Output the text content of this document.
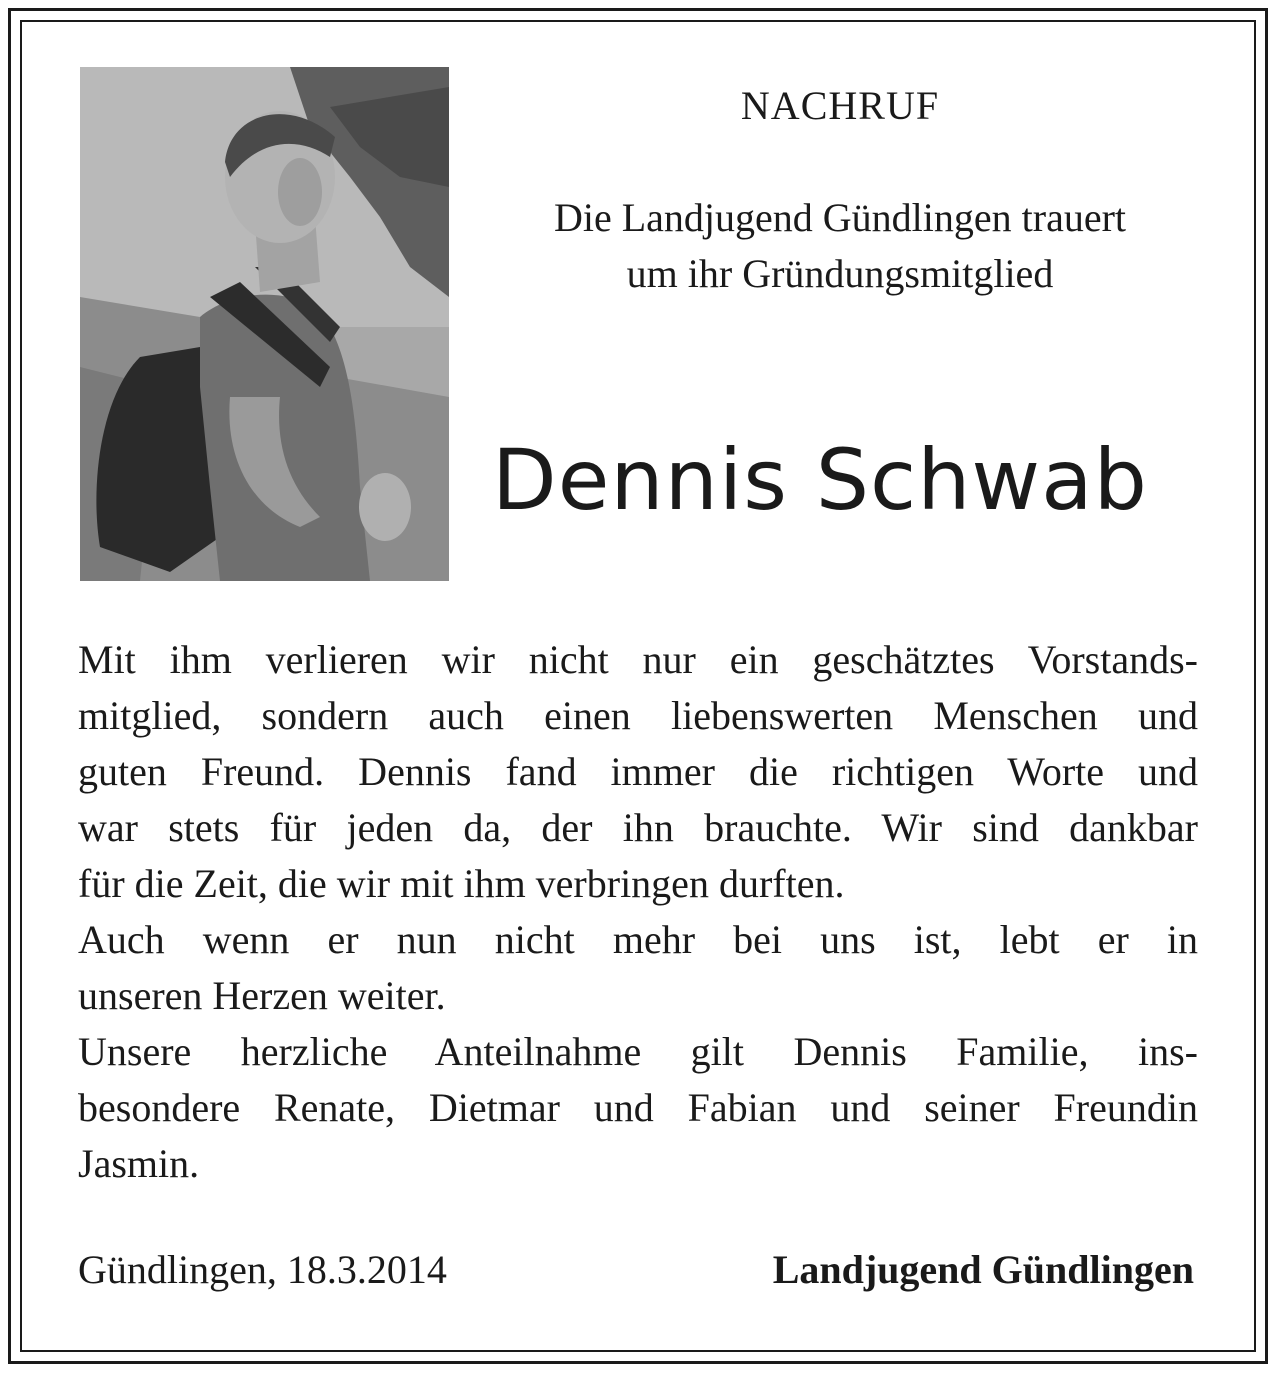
NACHRUF
Die Landjugend Gündlingen trauert
um ihr Gründungsmitglied
Dennis Schwab
Mit ihm verlieren wir nicht nur ein geschätztes Vorstands-
mitglied, sondern auch einen liebenswerten Menschen und
guten Freund. Dennis fand immer die richtigen Worte und
war stets für jeden da, der ihn brauchte. Wir sind dankbar
für die Zeit, die wir mit ihm verbringen durften.
Auch wenn er nun nicht mehr bei uns ist, lebt er in
unseren Herzen weiter.
Unsere herzliche Anteilnahme gilt Dennis Familie, ins-
besondere Renate, Dietmar und Fabian und seiner Freundin
Jasmin.
Gündlingen, 18.3.2014	Landjugend Gündlingen
